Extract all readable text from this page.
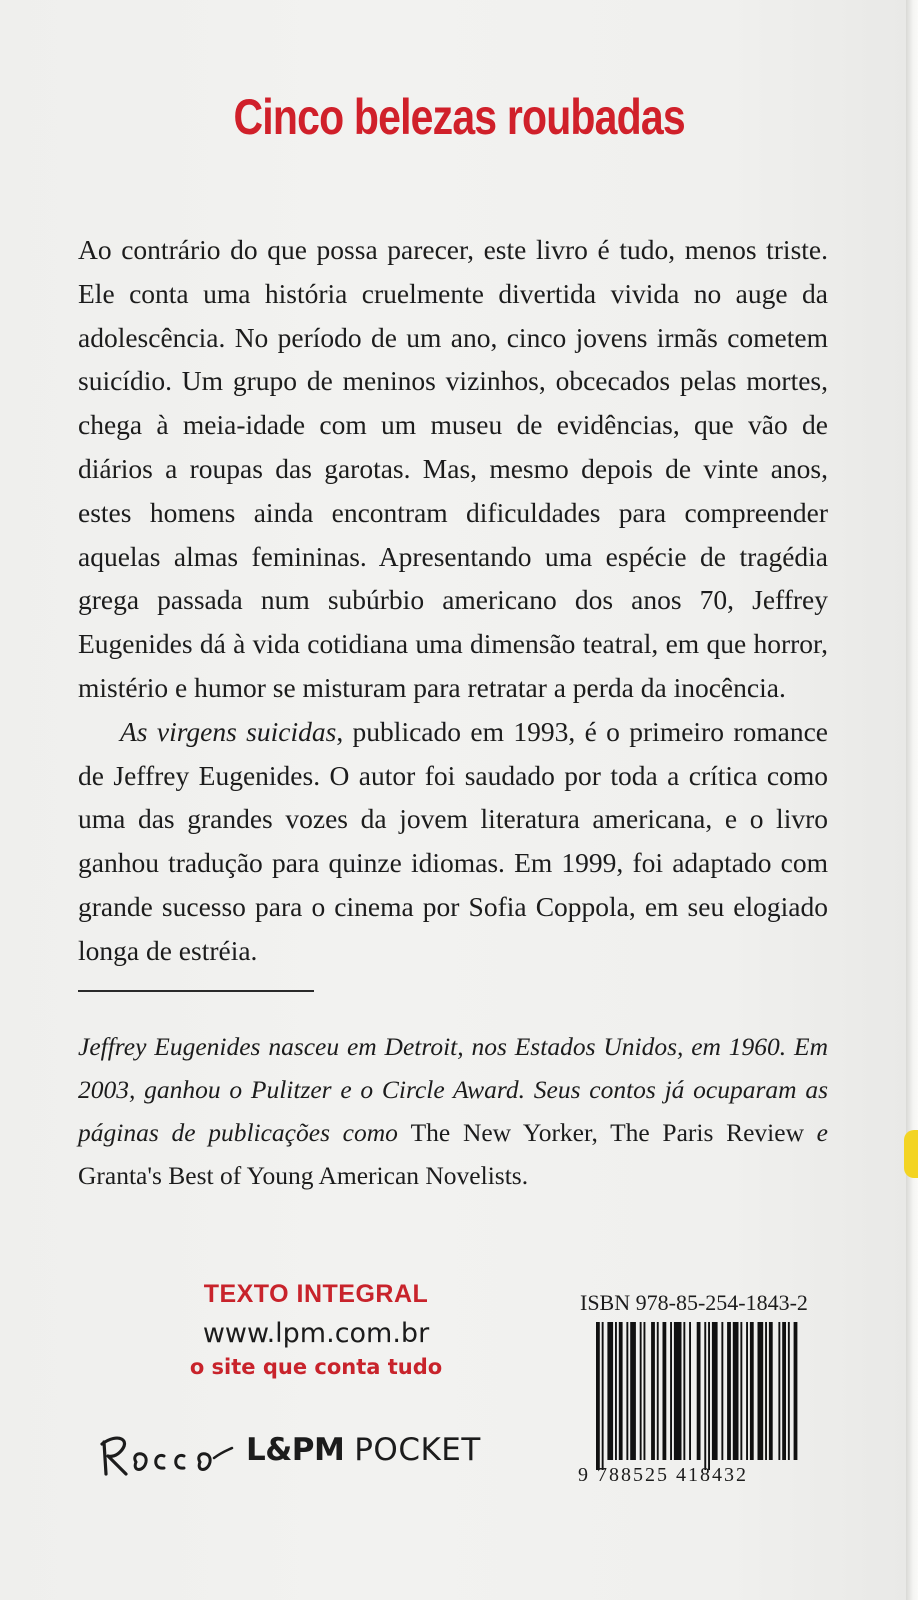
Cinco belezas roubadas

Ao contrário do que possa parecer, este livro é tudo, menos triste. Ele conta uma história cruelmente divertida vivida no auge da adolescência. No período de um ano, cinco jovens irmãs cometem suicídio. Um grupo de meninos vizinhos, obcecados pelas mortes, chega à meia-idade com um museu de evidências, que vão de diários a roupas das garotas. Mas, mesmo depois de vinte anos, estes homens ainda encontram dificuldades para compreender aquelas almas femininas. Apresentando uma espécie de tragédia grega passada num subúrbio americano dos anos 70, Jeffrey Eugenides dá à vida cotidiana uma dimensão teatral, em que horror, mistério e humor se misturam para retratar a perda da inocência.

As virgens suicidas, publicado em 1993, é o primeiro romance de Jeffrey Eugenides. O autor foi saudado por toda a crítica como uma das grandes vozes da jovem literatura americana, e o livro ganhou tradução para quinze idiomas. Em 1999, foi adaptado com grande sucesso para o cinema por Sofia Coppola, em seu elogiado longa de estréia.

Jeffrey Eugenides nasceu em Detroit, nos Estados Unidos, em 1960. Em 2003, ganhou o Pulitzer e o Circle Award. Seus contos já ocuparam as páginas de publicações como The New Yorker, The Paris Review e Granta's Best of Young American Novelists.
TEXTO INTEGRAL
www.lpm.com.br
o site que conta tudo
L&PM POCKET
ISBN 978-85-254-1843-2
9 788525 418432
